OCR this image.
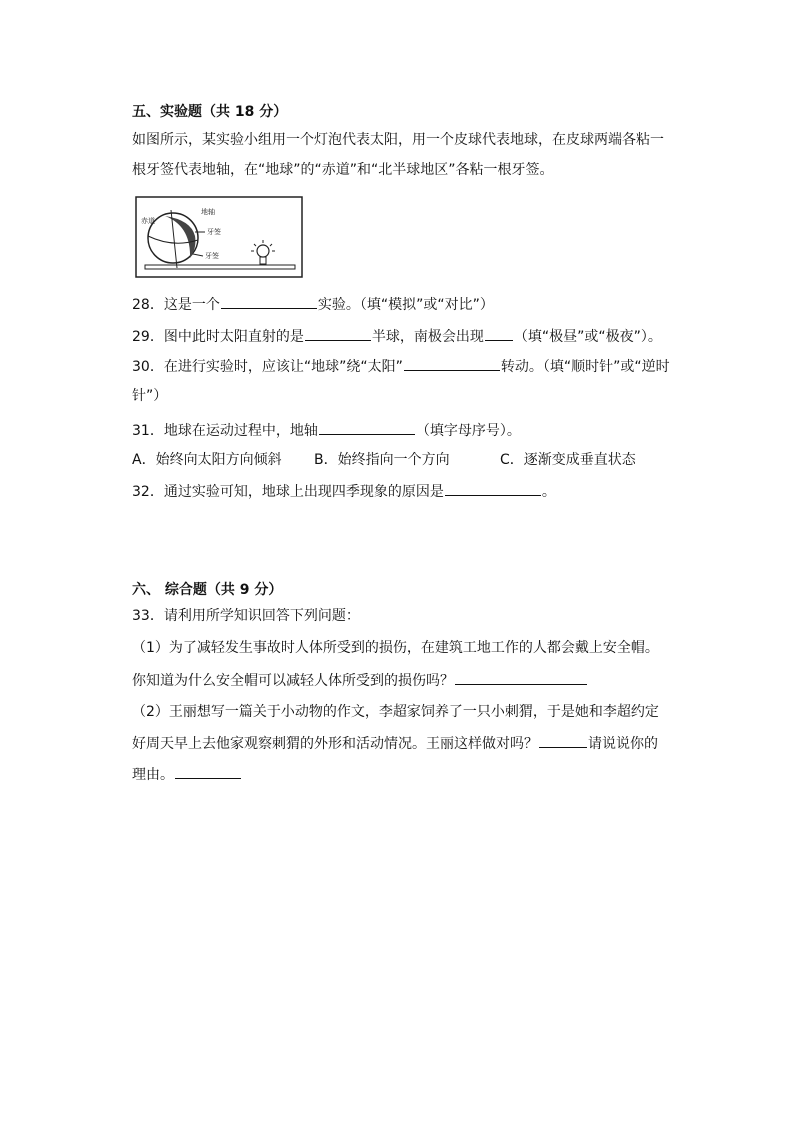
五、实验题（共 18 分）
如图所示，某实验小组用一个灯泡代表太阳，用一个皮球代表地球，在皮球两端各粘一
根牙签代表地轴，在“地球”的“赤道”和“北半球地区”各粘一根牙签。
赤道
地轴
牙签
牙签
28．这是一个	实验。（填“模拟”或“对比”）
29．图中此时太阳直射的是	半球，南极会出现 （填“极昼”或“极夜”）。
30．在进行实验时，应该让“地球”绕“太阳”	转动。（填“顺时针”或“逆时
针”）
31．地球在运动过程中，地轴	（填字母序号）。
A．始终向太阳方向倾斜 B．始终指向一个方向	C．逐渐变成垂直状态
32．通过实验可知，地球上出现四季现象的原因是	。
六、 综合题（共 9 分）
33．请利用所学知识回答下列问题：
（1）为了减轻发生事故时人体所受到的损伤，在建筑工地工作的人都会戴上安全帽。
你知道为什么安全帽可以减轻人体所受到的损伤吗？
（2）王丽想写一篇关于小动物的作文，李超家饲养了一只小刺猬，于是她和李超约定
好周天早上去他家观察刺猬的外形和活动情况。王丽这样做对吗？	请说说你的
理由。
